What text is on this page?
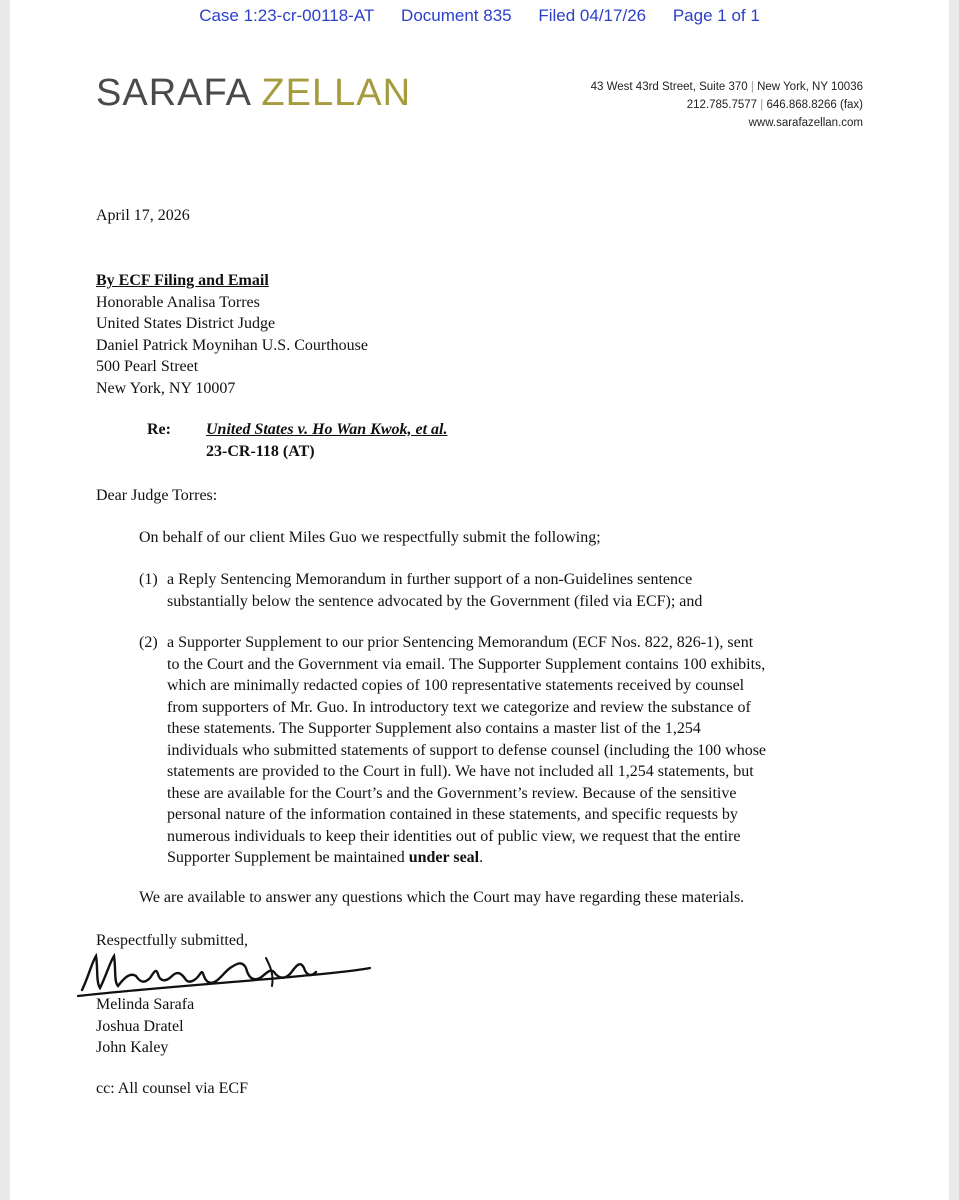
Case 1:23-cr-00118-AT Document 835 Filed 04/17/26 Page 1 of 1
SARAFA ZELLAN	43 West 43rd Street, Suite 370 | New York, NY 10036
212.785.7577 | 646.868.8266 (fax)
www.sarafazellan.com
April 17, 2026
By ECF Filing and Email
Honorable Analisa Torres
United States District Judge
Daniel Patrick Moynihan U.S. Courthouse
500 Pearl Street
New York, NY 10007
Re: United States v. Ho Wan Kwok, et al.
23-CR-118 (AT)
Dear Judge Torres:
On behalf of our client Miles Guo we respectfully submit the following;
(1) a Reply Sentencing Memorandum in further support of a non-Guidelines sentence
substantially below the sentence advocated by the Government (filed via ECF); and
(2) a Supporter Supplement to our prior Sentencing Memorandum (ECF Nos. 822, 826-1), sent
to the Court and the Government via email. The Supporter Supplement contains 100 exhibits,
which are minimally redacted copies of 100 representative statements received by counsel
from supporters of Mr. Guo. In introductory text we categorize and review the substance of
these statements. The Supporter Supplement also contains a master list of the 1,254
individuals who submitted statements of support to defense counsel (including the 100 whose
statements are provided to the Court in full). We have not included all 1,254 statements, but
these are available for the Court’s and the Government’s review. Because of the sensitive
personal nature of the information contained in these statements, and specific requests by
numerous individuals to keep their identities out of public view, we request that the entire
Supporter Supplement be maintained under seal.
We are available to answer any questions which the Court may have regarding these materials.
Respectfully submitted,
Melinda Sarafa
Joshua Dratel
John Kaley
cc: All counsel via ECF
